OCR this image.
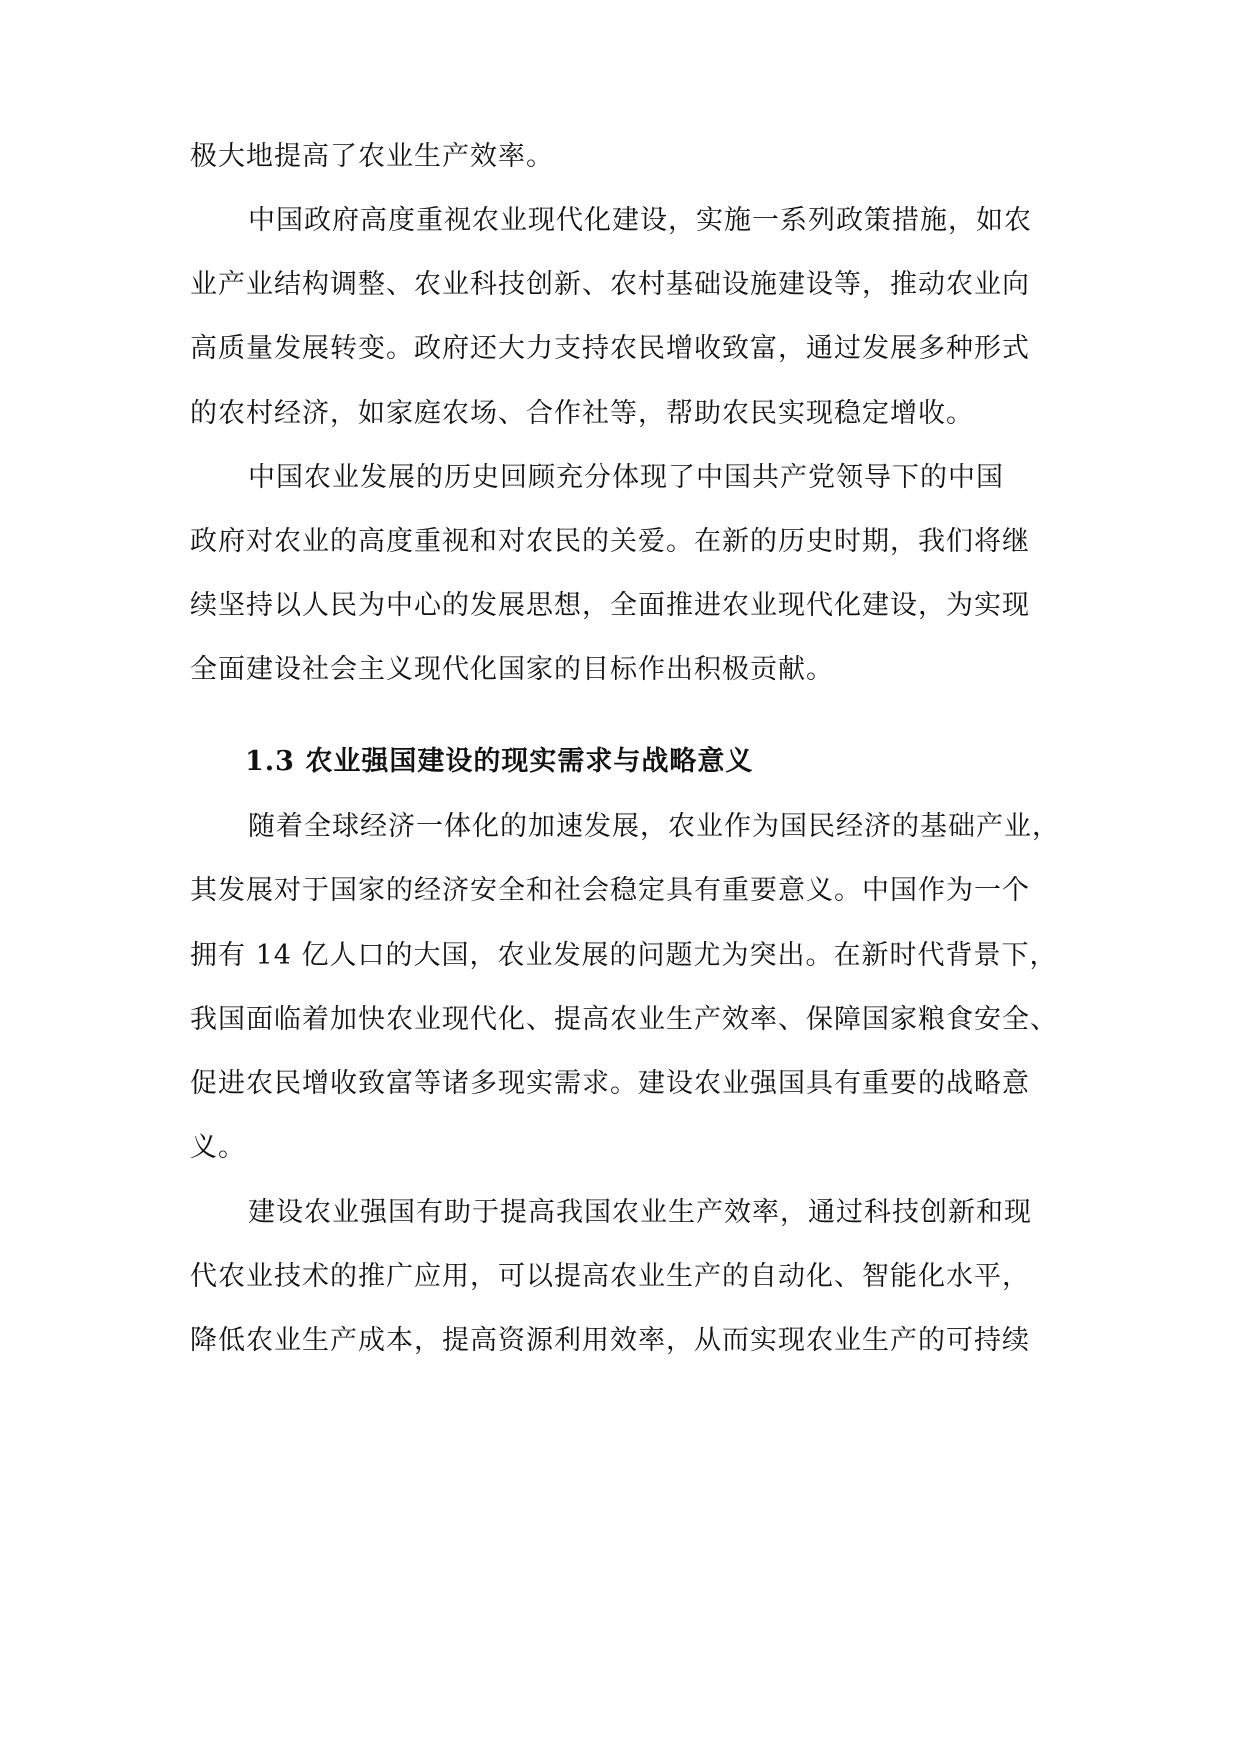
极大地提高了农业生产效率。
中国政府高度重视农业现代化建设，实施一系列政策措施，如农
业产业结构调整、农业科技创新、农村基础设施建设等，推动农业向
高质量发展转变。政府还大力支持农民增收致富，通过发展多种形式
的农村经济，如家庭农场、合作社等，帮助农民实现稳定增收。
中国农业发展的历史回顾充分体现了中国共产党领导下的中国
政府对农业的高度重视和对农民的关爱。在新的历史时期，我们将继
续坚持以人民为中心的发展思想，全面推进农业现代化建设，为实现
全面建设社会主义现代化国家的目标作出积极贡献。
1.3 农业强国建设的现实需求与战略意义
随着全球经济一体化的加速发展，农业作为国民经济的基础产业，
其发展对于国家的经济安全和社会稳定具有重要意义。中国作为一个
拥有 14 亿人口的大国，农业发展的问题尤为突出。在新时代背景下，
我国面临着加快农业现代化、提高农业生产效率、保障国家粮食安全、
促进农民增收致富等诸多现实需求。建设农业强国具有重要的战略意
义。
建设农业强国有助于提高我国农业生产效率，通过科技创新和现
代农业技术的推广应用，可以提高农业生产的自动化、智能化水平，
降低农业生产成本，提高资源利用效率，从而实现农业生产的可持续
